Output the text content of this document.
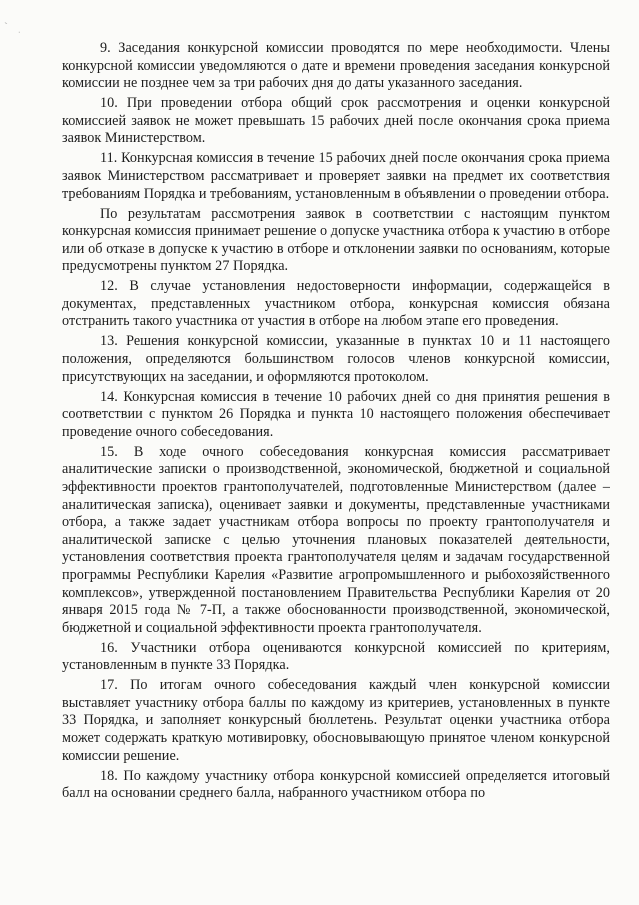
`
·

9. Заседания конкурсной комиссии проводятся по мере необходимости. Члены конкурсной комиссии уведомляются о дате и времени проведения заседания конкурсной комиссии не позднее чем за три рабочих дня до даты указанного заседания.

10. При проведении отбора общий срок рассмотрения и оценки конкурсной комиссией заявок не может превышать 15 рабочих дней после окончания срока приема заявок Министерством.

11. Конкурсная комиссия в течение 15 рабочих дней после окончания срока приема заявок Министерством рассматривает и проверяет заявки на предмет их соответствия требованиям Порядка и требованиям, установленным в объявлении о проведении отбора.

По результатам рассмотрения заявок в соответствии с настоящим пунктом конкурсная комиссия принимает решение о допуске участника отбора к участию в отборе или об отказе в допуске к участию в отборе и отклонении заявки по основаниям, которые предусмотрены пунктом 27 Порядка.

12. В случае установления недостоверности информации, содержащейся в документах, представленных участником отбора, конкурсная комиссия обязана отстранить такого участника от участия в отборе на любом этапе его проведения.

13. Решения конкурсной комиссии, указанные в пунктах 10 и 11 настоящего положения, определяются большинством голосов членов конкурсной комиссии, присутствующих на заседании, и оформляются протоколом.

14. Конкурсная комиссия в течение 10 рабочих дней со дня принятия решения в соответствии с пунктом 26 Порядка и пункта 10 настоящего положения обеспечивает проведение очного собеседования.

15. В ходе очного собеседования конкурсная комиссия рассматривает аналитические записки о производственной, экономической, бюджетной и социальной эффективности проектов грантополучателей, подготовленные Министерством (далее – аналитическая записка), оценивает заявки и документы, представленные участниками отбора, а также задает участникам отбора вопросы по проекту грантополучателя и аналитической записке с целью уточнения плановых показателей деятельности, установления соответствия проекта грантополучателя целям и задачам государственной программы Республики Карелия «Развитие агропромышленного и рыбохозяйственного комплексов», утвержденной постановлением Правительства Республики Карелия от 20 января 2015 года № 7-П, а также обоснованности производственной, экономической, бюджетной и социальной эффективности проекта грантополучателя.

16. Участники отбора оцениваются конкурсной комиссией по критериям, установленным в пункте 33 Порядка.

17. По итогам очного собеседования каждый член конкурсной комиссии выставляет участнику отбора баллы по каждому из критериев, установленных в пункте 33 Порядка, и заполняет конкурсный бюллетень. Результат оценки участника отбора может содержать краткую мотивировку, обосновывающую принятое членом конкурсной комиссии решение.

18. По каждому участнику отбора конкурсной комиссией определяется итоговый балл на основании среднего балла, набранного участником отбора по
